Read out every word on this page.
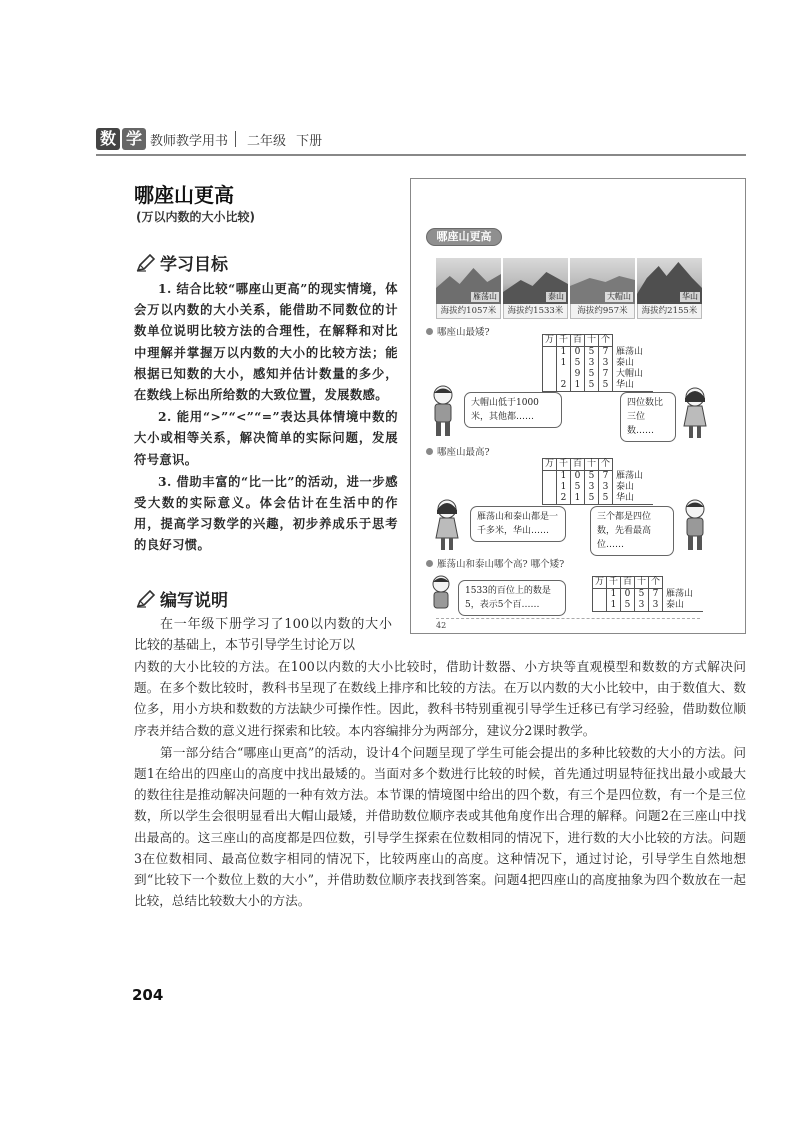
数 学 教师教学用书 二年级 下册
哪座山更高
(万以内数的大小比较)
学习目标

1. 结合比较“哪座山更高”的现实情境，体会万以内数的大小关系，能借助不同数位的计数单位说明比较方法的合理性，在解释和对比中理解并掌握万以内数的大小的比较方法；能根据已知数的大小，感知并估计数量的多少，在数线上标出所给数的大致位置，发展数感。

2. 能用“>”“<”“=”表达具体情境中数的大小或相等关系，解决简单的实际问题，发展符号意识。

3. 借助丰富的“比一比”的活动，进一步感受大数的实际意义。体会估计在生活中的作用，提高学习数学的兴趣，初步养成乐于思考的良好习惯。

编写说明

在一年级下册学习了100以内数的大小比较的基础上，本节引导学生讨论万以

内数的大小比较的方法。在100以内数的大小比较时，借助计数器、小方块等直观模型和数数的方式解决问题。在多个数比较时，教科书呈现了在数线上排序和比较的方法。在万以内数的大小比较中，由于数值大、数位多，用小方块和数数的方法缺少可操作性。因此，教科书特别重视引导学生迁移已有学习经验，借助数位顺序表并结合数的意义进行探索和比较。本内容编排分为两部分，建议分2课时教学。

第一部分结合“哪座山更高”的活动，设计4个问题呈现了学生可能会提出的多种比较数的大小的方法。问题1在给出的四座山的高度中找出最矮的。当面对多个数进行比较的时候，首先通过明显特征找出最小或最大的数往往是推动解决问题的一种有效方法。本节课的情境图中给出的四个数，有三个是四位数，有一个是三位数，所以学生会很明显看出大帽山最矮，并借助数位顺序表或其他角度作出合理的解释。问题2在三座山中找出最高的。这三座山的高度都是四位数，引导学生探索在位数相同的情况下，进行数的大小比较的方法。问题3在位数相同、最高位数字相同的情况下，比较两座山的高度。这种情况下，通过讨论，引导学生自然地想到“比较下一个数位上数的大小”，并借助数位顺序表找到答案。问题4把四座山的高度抽象为四个数放在一起比较，总结比较数大小的方法。

204
哪座山更高
雁荡山	泰山	大帽山	华山
海拔约1057米	海拔约1533米	海拔约957米	海拔约2155米
哪座山最矮?
万	千	百	十	个	
	1	0	5	7	雁荡山
	1	5	3	3	泰山
		9	5	7	大帽山
	2	1	5	5	华山
大帽山低于1000米，其他都……
四位数比三位数……
哪座山最高?
万	千	百	十	个	
	1	0	5	7	雁荡山
	1	5	3	3	泰山
	2	1	5	5	华山
雁荡山和泰山都是一千多米，华山……
三个都是四位数，先看最高位……
雁荡山和泰山哪个高? 哪个矮?
1533的百位上的数是5，表示5个百……
万	千	百	十	个	
	1	0	5	7	雁荡山
	1	5	3	3	泰山
42
